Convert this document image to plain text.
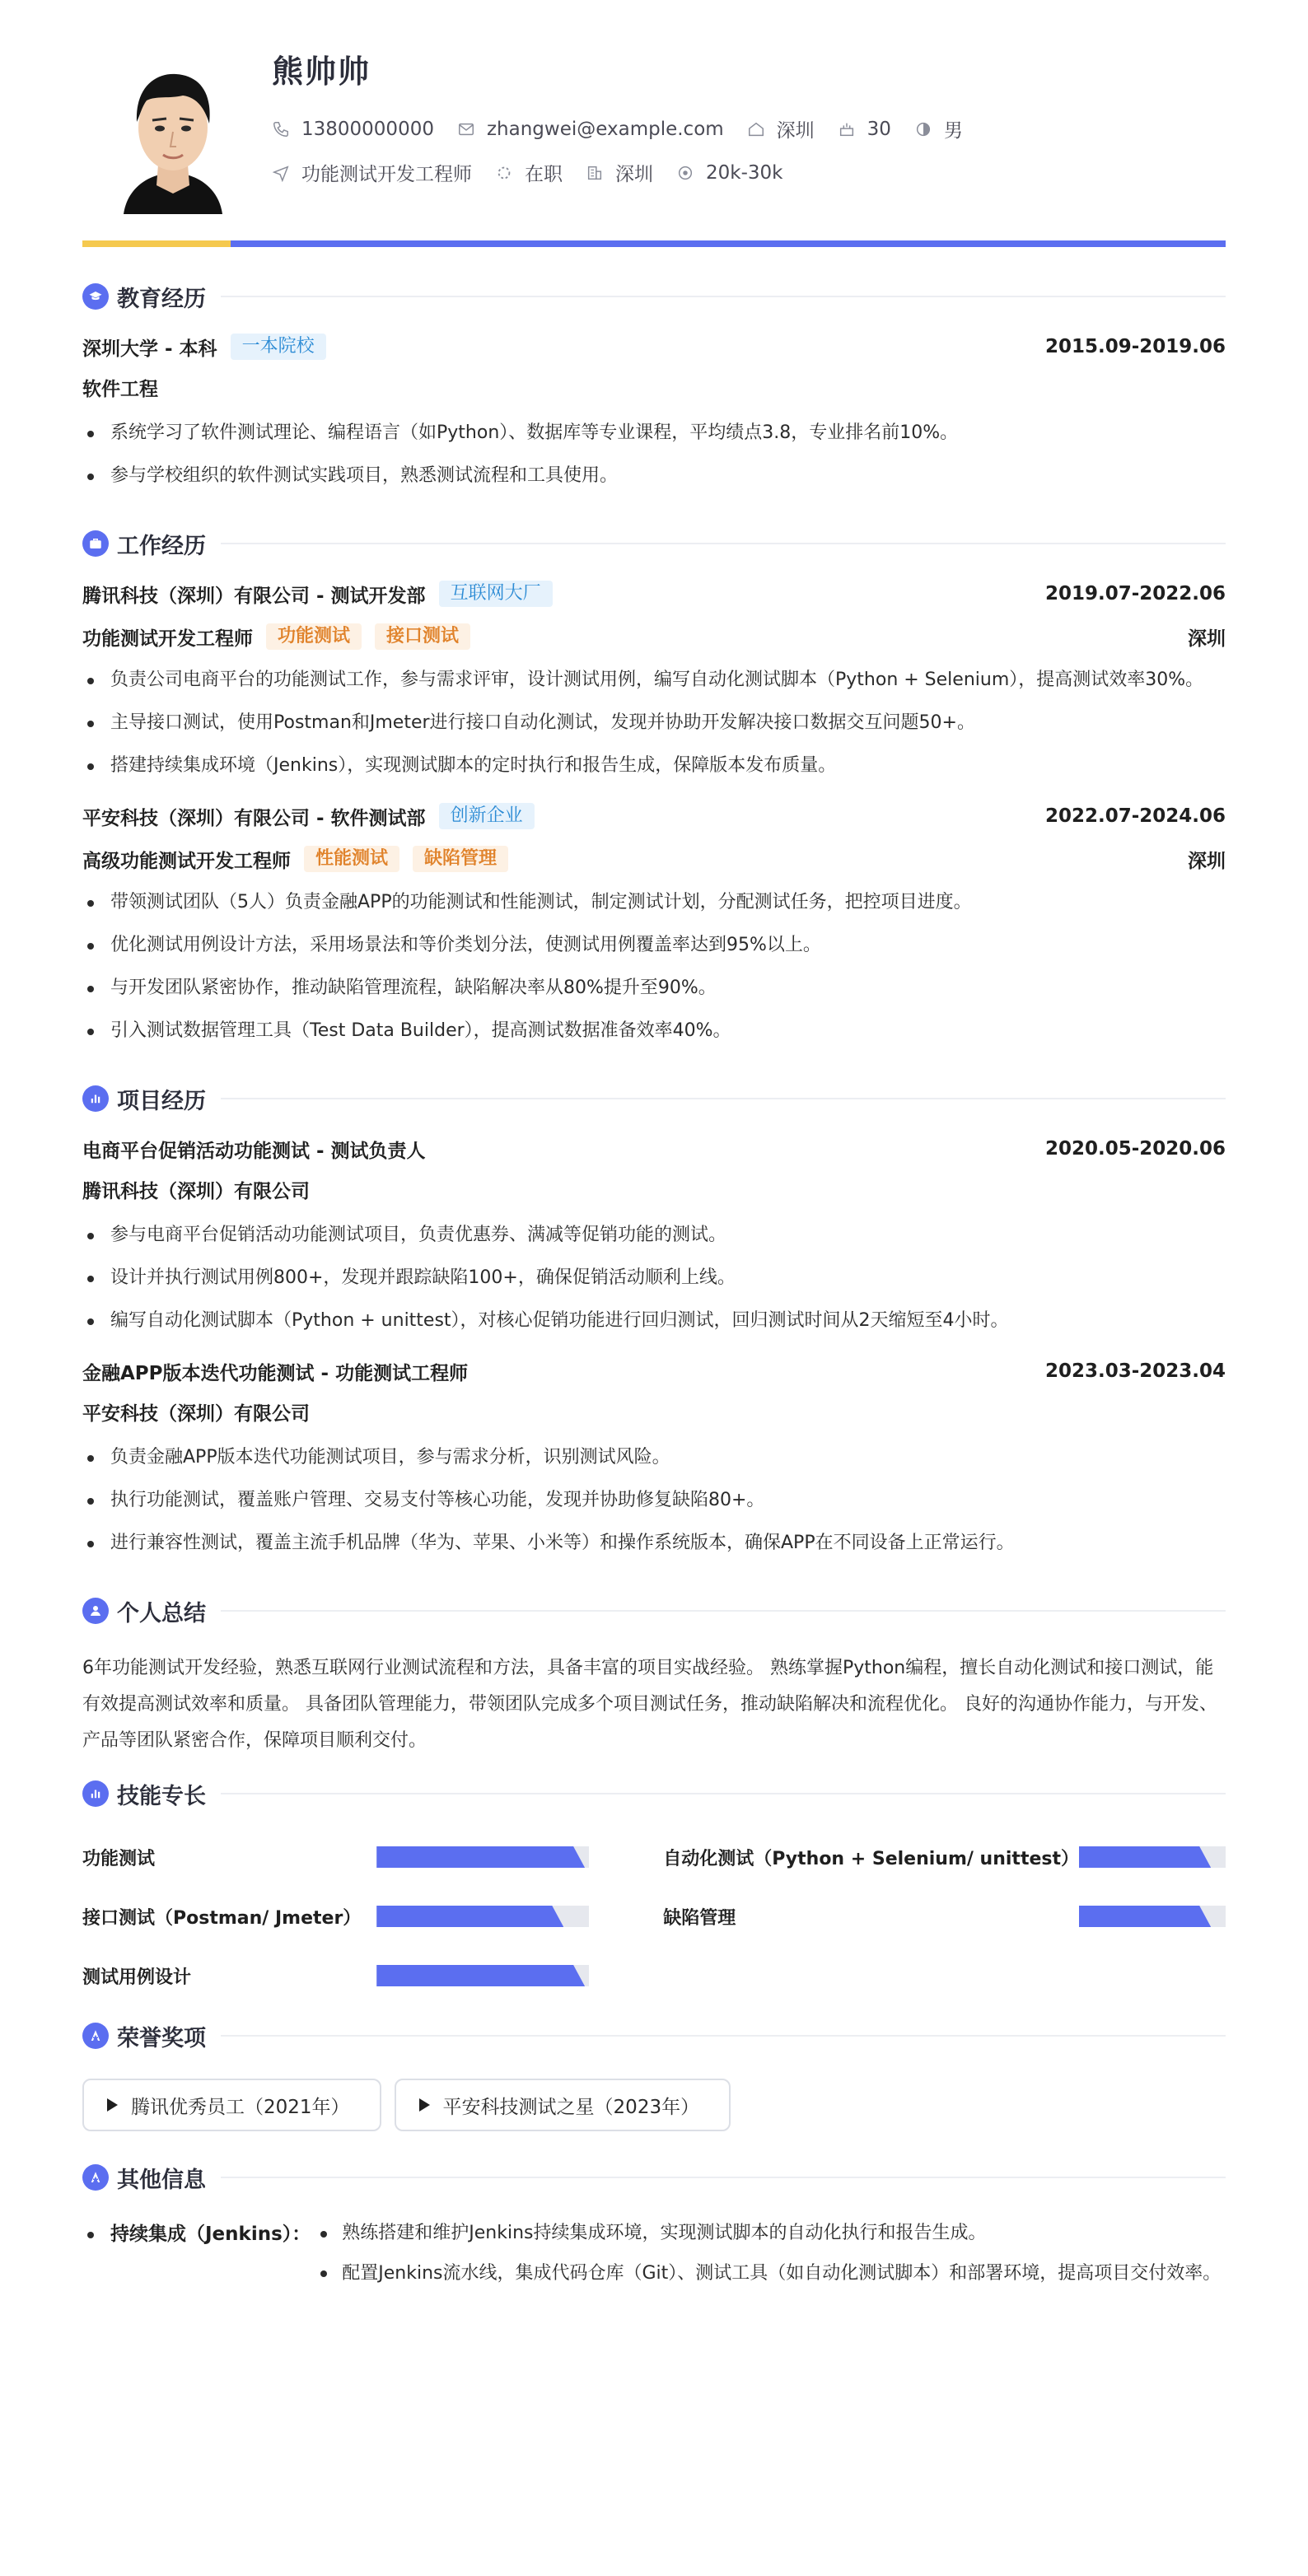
熊帅帅
13800000000	zhangwei@example.com	深圳	30	男
功能测试开发工程师	在职	深圳	20k-30k
教育经历
深圳大学 - 本科	一本院校	2015.09-2019.06
软件工程
系统学习了软件测试理论、编程语言（如Python）、数据库等专业课程，平均绩点3.8，专业排名前10%。
参与学校组织的软件测试实践项目，熟悉测试流程和工具使用。
工作经历
腾讯科技（深圳）有限公司 - 测试开发部	互联网大厂	2019.07-2022.06
功能测试开发工程师	功能测试	接口测试	深圳
负责公司电商平台的功能测试工作，参与需求评审，设计测试用例，编写自动化测试脚本（Python + Selenium），提高测试效率30%。
主导接口测试，使用Postman和Jmeter进行接口自动化测试，发现并协助开发解决接口数据交互问题50+。
搭建持续集成环境（Jenkins），实现测试脚本的定时执行和报告生成，保障版本发布质量。
平安科技（深圳）有限公司 - 软件测试部	创新企业	2022.07-2024.06
高级功能测试开发工程师	性能测试	缺陷管理	深圳
带领测试团队（5人）负责金融APP的功能测试和性能测试，制定测试计划，分配测试任务，把控项目进度。
优化测试用例设计方法，采用场景法和等价类划分法，使测试用例覆盖率达到95%以上。
与开发团队紧密协作，推动缺陷管理流程，缺陷解决率从80%提升至90%。
引入测试数据管理工具（Test Data Builder），提高测试数据准备效率40%。
项目经历
电商平台促销活动功能测试 - 测试负责人	2020.05-2020.06
腾讯科技（深圳）有限公司
参与电商平台促销活动功能测试项目，负责优惠券、满减等促销功能的测试。
设计并执行测试用例800+，发现并跟踪缺陷100+，确保促销活动顺利上线。
编写自动化测试脚本（Python + unittest），对核心促销功能进行回归测试，回归测试时间从2天缩短至4小时。
金融APP版本迭代功能测试 - 功能测试工程师	2023.03-2023.04
平安科技（深圳）有限公司
负责金融APP版本迭代功能测试项目，参与需求分析，识别测试风险。
执行功能测试，覆盖账户管理、交易支付等核心功能，发现并协助修复缺陷80+。
进行兼容性测试，覆盖主流手机品牌（华为、苹果、小米等）和操作系统版本，确保APP在不同设备上正常运行。
个人总结

6年功能测试开发经验，熟悉互联网行业测试流程和方法，具备丰富的项目实战经验。 熟练掌握Python编程，擅长自动化测试和接口测试，能有效提高测试效率和质量。 具备团队管理能力，带领团队完成多个项目测试任务，推动缺陷解决和流程优化。 良好的沟通协作能力，与开发、产品等团队紧密合作，保障项目顺利交付。

技能专长
功能测试	自动化测试（Python + Selenium/ unittest）
接口测试（Postman/ Jmeter）	缺陷管理
测试用例设计
荣誉奖项
腾讯优秀员工（2021年）	平安科技测试之星（2023年）
其他信息
持续集成（Jenkins）：	熟练搭建和维护Jenkins持续集成环境，实现测试脚本的自动化执行和报告生成。
配置Jenkins流水线，集成代码仓库（Git）、测试工具（如自动化测试脚本）和部署环境，提高项目交付效率。
